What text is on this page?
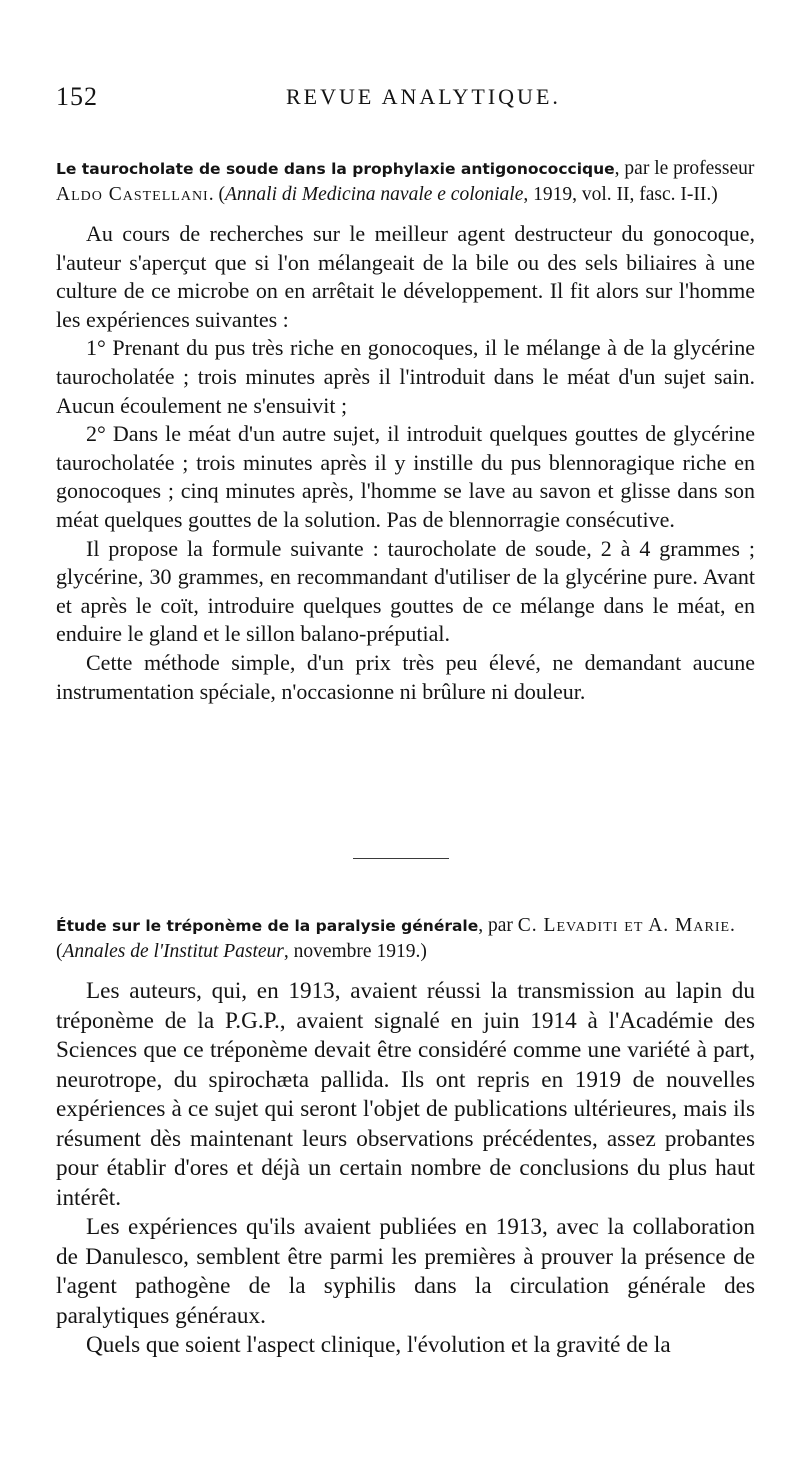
152	REVUE ANALYTIQUE.
Le taurocholate de soude dans la prophylaxie antigonococcique, par le professeur Aldo Castellani. (Annali di Medicina navale e coloniale, 1919, vol. II, fasc. I-II.)

Au cours de recherches sur le meilleur agent destructeur du gonocoque, l'auteur s'aperçut que si l'on mélangeait de la bile ou des sels biliaires à une culture de ce microbe on en arrêtait le développement. Il fit alors sur l'homme les expériences suivantes :

1° Prenant du pus très riche en gonocoques, il le mélange à de la glycérine taurocholatée ; trois minutes après il l'introduit dans le méat d'un sujet sain. Aucun écoulement ne s'ensuivit ;

2° Dans le méat d'un autre sujet, il introduit quelques gouttes de glycérine taurocholatée ; trois minutes après il y instille du pus blennoragique riche en gonocoques ; cinq minutes après, l'homme se lave au savon et glisse dans son méat quelques gouttes de la solution. Pas de blennorragie consécutive.

Il propose la formule suivante : taurocholate de soude, 2 à 4 grammes ; glycérine, 30 grammes, en recommandant d'utiliser de la glycérine pure. Avant et après le coït, introduire quelques gouttes de ce mélange dans le méat, en enduire le gland et le sillon balano-préputial.

Cette méthode simple, d'un prix très peu élevé, ne demandant aucune instrumentation spéciale, n'occasionne ni brûlure ni douleur.

Étude sur le tréponème de la paralysie générale, par C. Levaditi et A. Marie. (Annales de l'Institut Pasteur, novembre 1919.)

Les auteurs, qui, en 1913, avaient réussi la transmission au lapin du tréponème de la P.G.P., avaient signalé en juin 1914 à l'Académie des Sciences que ce tréponème devait être considéré comme une variété à part, neurotrope, du spirochæta pallida. Ils ont repris en 1919 de nouvelles expériences à ce sujet qui seront l'objet de publications ultérieures, mais ils résument dès maintenant leurs observations précédentes, assez probantes pour établir d'ores et déjà un certain nombre de conclusions du plus haut intérêt.

Les expériences qu'ils avaient publiées en 1913, avec la collaboration de Danulesco, semblent être parmi les premières à prouver la présence de l'agent pathogène de la syphilis dans la circulation générale des paralytiques généraux.

Quels que soient l'aspect clinique, l'évolution et la gravité de la
